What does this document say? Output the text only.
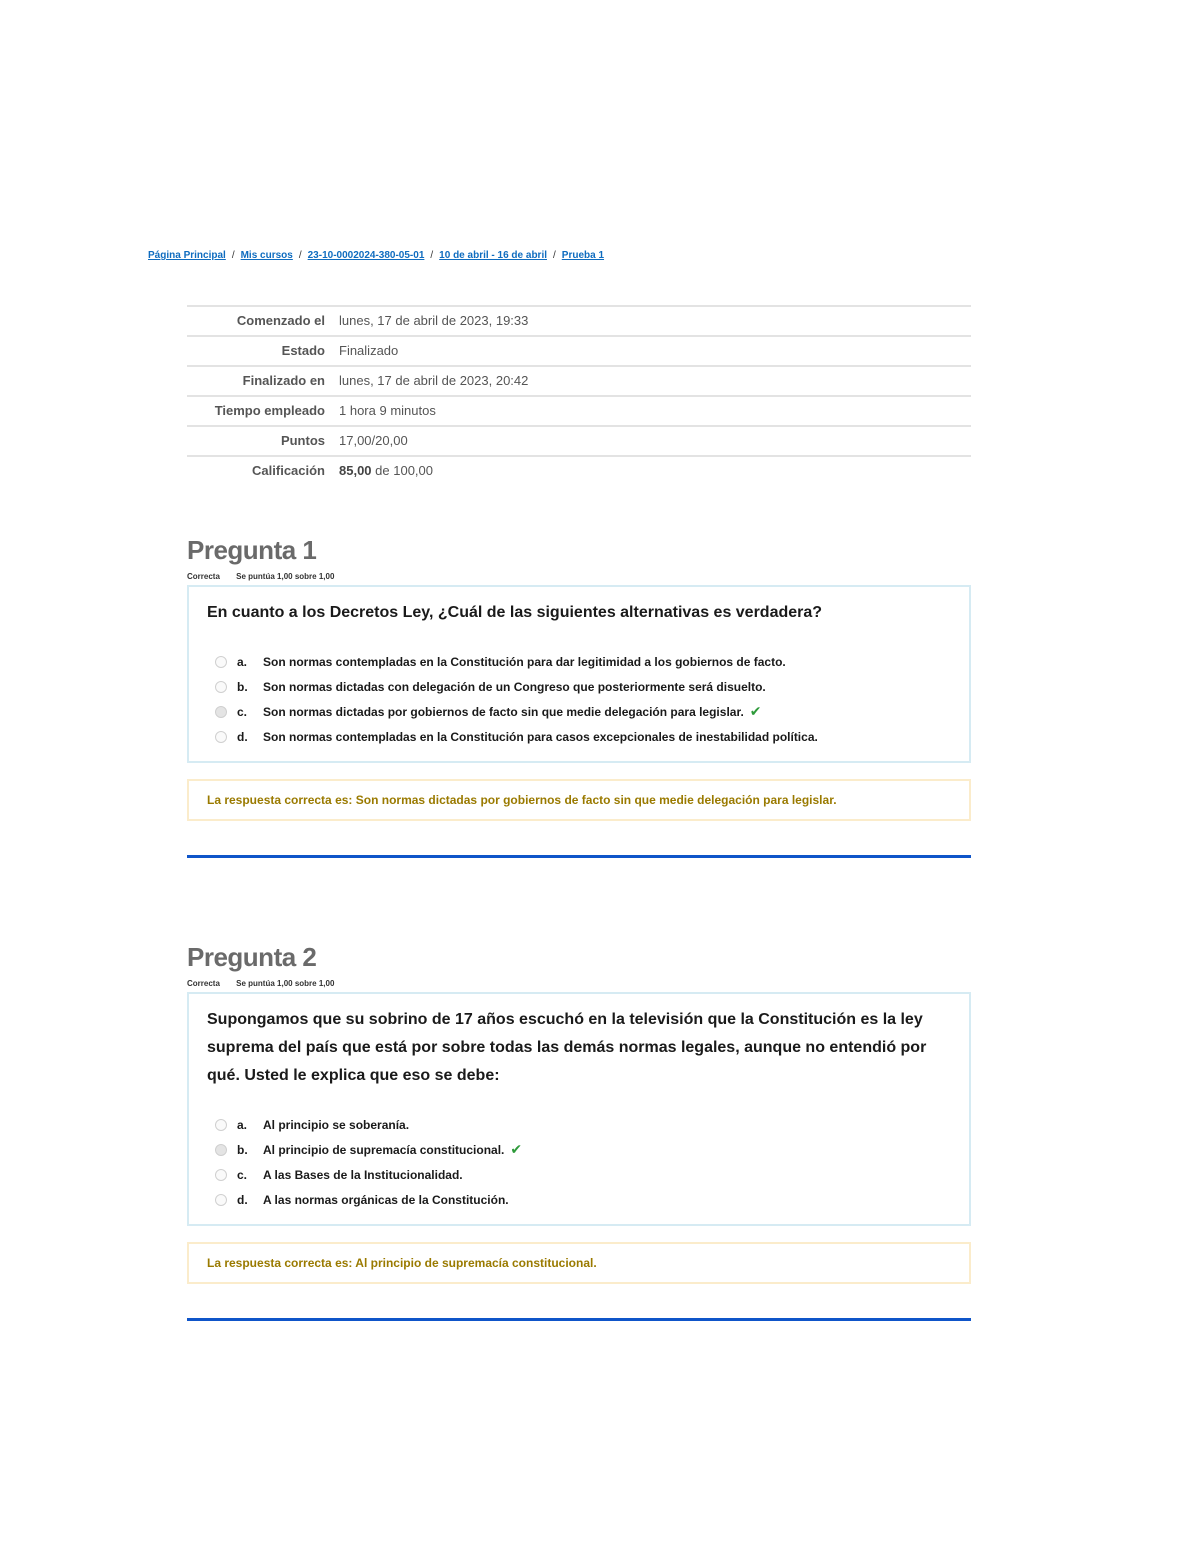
Página Principal / Mis cursos / 23-10-0002024-380-05-01 / 10 de abril - 16 de abril / Prueba 1
Comenzado el	lunes, 17 de abril de 2023, 19:33
Estado	Finalizado
Finalizado en	lunes, 17 de abril de 2023, 20:42
Tiempo empleado	1 hora 9 minutos
Puntos	17,00/20,00
Calificación	85,00 de 100,00
Pregunta 1
Correcta Se puntúa 1,00 sobre 1,00
En cuanto a los Decretos Ley, ¿Cuál de las siguientes alternativas es verdadera?
a.	Son normas contempladas en la Constitución para dar legitimidad a los gobiernos de facto.
b.	Son normas dictadas con delegación de un Congreso que posteriormente será disuelto.
c.	Son normas dictadas por gobiernos de facto sin que medie delegación para legislar. ✔
d.	Son normas contempladas en la Constitución para casos excepcionales de inestabilidad política.
La respuesta correcta es: Son normas dictadas por gobiernos de facto sin que medie delegación para legislar.
Pregunta 2
Correcta Se puntúa 1,00 sobre 1,00
Supongamos que su sobrino de 17 años escuchó en la televisión que la Constitución es la ley suprema del país que está por sobre todas las demás normas legales, aunque no entendió por qué. Usted le explica que eso se debe:
a.	Al principio se soberanía.
b.	Al principio de supremacía constitucional. ✔
c.	A las Bases de la Institucionalidad.
d.	A las normas orgánicas de la Constitución.
La respuesta correcta es: Al principio de supremacía constitucional.
